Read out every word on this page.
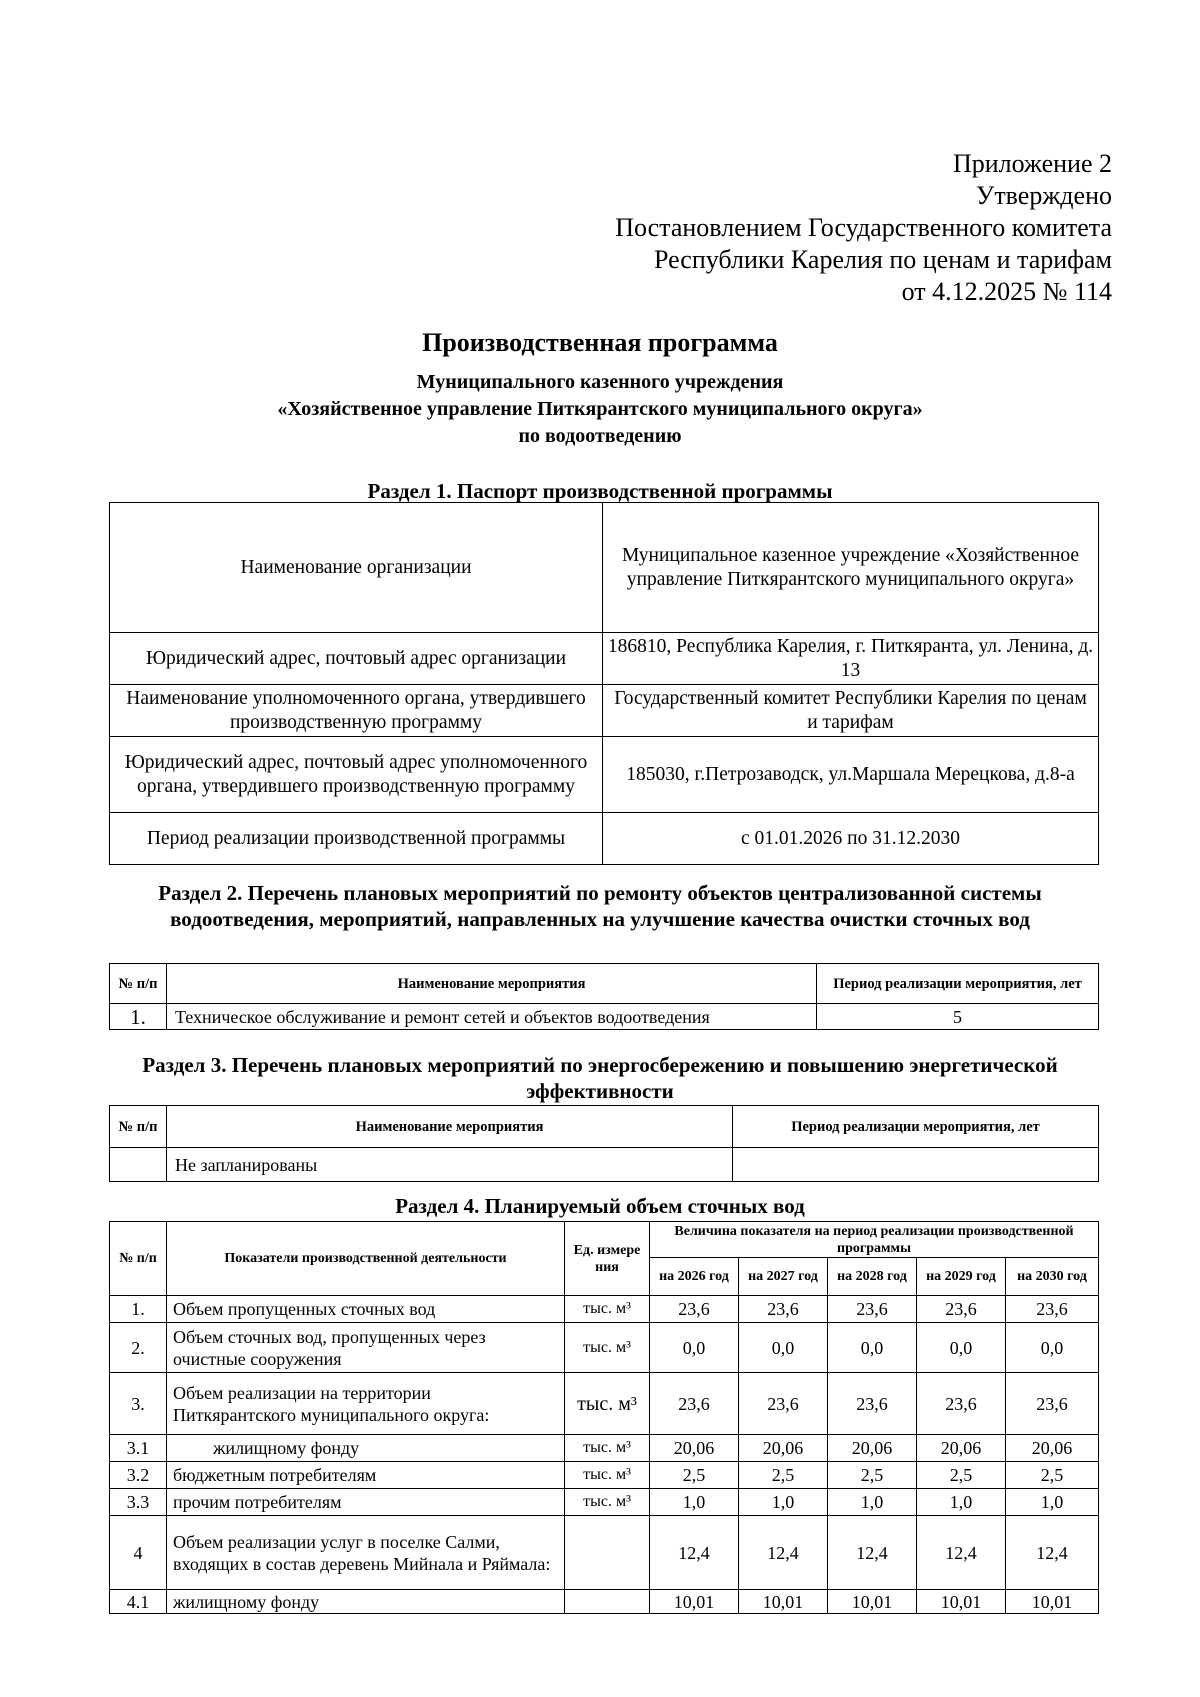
Приложение 2
Утверждено
Постановлением Государственного комитета
Республики Карелия по ценам и тарифам
от 4.12.2025 № 114
Производственная программа
Муниципального казенного учреждения
«Хозяйственное управление Питкярантского муниципального округа»
по водоотведению
Раздел 1. Паспорт производственной программы
Наименование организации	Муниципальное казенное учреждение «Хозяйственное управление Питкярантского муниципального округа»
Юридический адрес, почтовый адрес организации	186810, Республика Карелия, г. Питкяранта, ул. Ленина, д. 13
Наименование уполномоченного органа, утвердившего производственную программу	Государственный комитет Республики Карелия по ценам и тарифам
Юридический адрес, почтовый адрес уполномоченного органа, утвердившего производственную программу	185030, г.Петрозаводск, ул.Маршала Мерецкова, д.8-а
Период реализации производственной программы	с 01.01.2026 по 31.12.2030
Раздел 2. Перечень плановых мероприятий по ремонту объектов централизованной системы водоотведения, мероприятий, направленных на улучшение качества очистки сточных вод
№ п/п	Наименование мероприятия	Период реализации мероприятия, лет
1.	Техническое обслуживание и ремонт сетей и объектов водоотведения	5
Раздел 3. Перечень плановых мероприятий по энергосбережению и повышению энергетической эффективности
№ п/п	Наименование мероприятия	Период реализации мероприятия, лет
	Не запланированы	
Раздел 4. Планируемый объем сточных вод
№ п/п	Показатели производственной деятельности	Ед. измере ния	Величина показателя на период реализации производственной программы				
			на 2026 год	на 2027 год	на 2028 год	на 2029 год	на 2030 год
1.	Объем пропущенных сточных вод	тыс. м³	23,6	23,6	23,6	23,6	23,6
2.	Объем сточных вод, пропущенных через очистные сооружения	тыс. м³	0,0	0,0	0,0	0,0	0,0
3.	Объем реализации на территории Питкярантского муниципального округа:	тыс. м³	23,6	23,6	23,6	23,6	23,6
3.1	жилищному фонду	тыс. м³	20,06	20,06	20,06	20,06	20,06
3.2	бюджетным потребителям	тыс. м³	2,5	2,5	2,5	2,5	2,5
3.3	прочим потребителям	тыс. м³	1,0	1,0	1,0	1,0	1,0
4	Объем реализации услуг в поселке Салми, входящих в состав деревень Мийнала и Ряймала:		12,4	12,4	12,4	12,4	12,4
4.1	жилищному фонду		10,01	10,01	10,01	10,01	10,01
